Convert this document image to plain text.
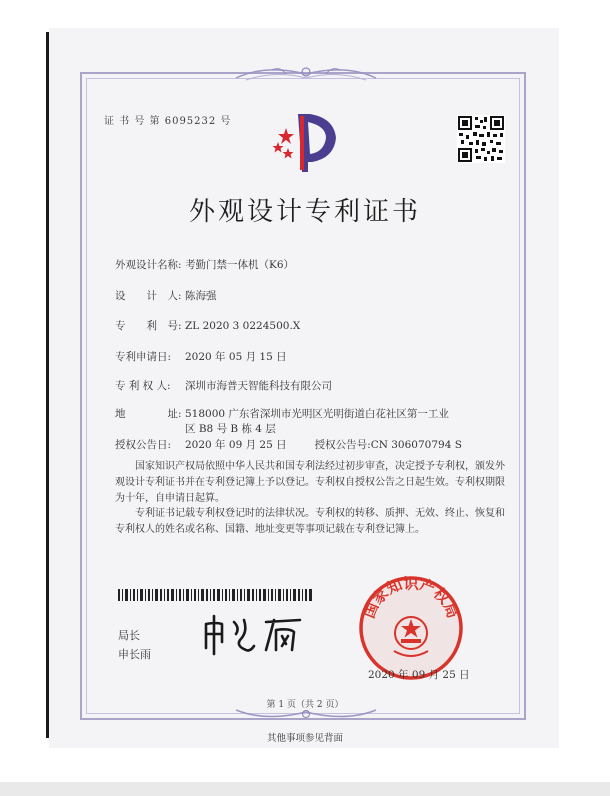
证 书 号 第 6095232 号
外观设计专利证书
外观设计名称: 考勤门禁一体机（K6）
设　　计　人: 陈海强
专　　利　号: ZL 2020 3 0224500.X
专利申请日: 2020 年 05 月 15 日
专 利 权 人: 深圳市海普天智能科技有限公司
地　　　　址: 518000 广东省深圳市光明区光明街道白花社区第一工业
区 B8 号 B 栋 4 层
授权公告日: 2020 年 09 月 25 日	授权公告号:CN 306070794 S
国家知识产权局依照中华人民共和国专利法经过初步审查，决定授予专利权，颁发外观设计专利证书并在专利登记簿上予以登记。专利权自授权公告之日起生效。专利权期限为十年，自申请日起算。
专利证书记载专利权登记时的法律状况。专利权的转移、质押、无效、终止、恢复和专利权人的姓名或名称、国籍、地址变更等事项记载在专利登记簿上。
局长
申长雨
国家知识产权局
2020 年 09 月 25 日
第 1 页（共 2 页）
其他事项参见背面
